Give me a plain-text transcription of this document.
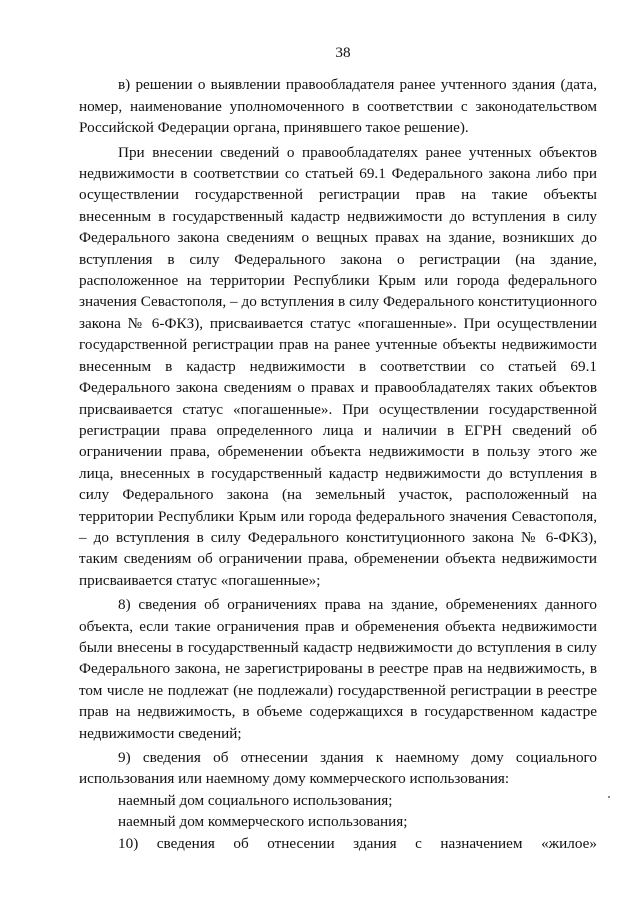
38

в) решении о выявлении правообладателя ранее учтенного здания (дата, номер, наименование уполномоченного в соответствии с законодательством Российской Федерации органа, принявшего такое решение).

При внесении сведений о правообладателях ранее учтенных объектов недвижимости в соответствии со статьей 69.1 Федерального закона либо при осуществлении государственной регистрации прав на такие объекты внесенным в государственный кадастр недвижимости до вступления в силу Федерального закона сведениям о вещных правах на здание, возникших до вступления в силу Федерального закона о регистрации (на здание, расположенное на территории Республики Крым или города федерального значения Севастополя, – до вступления в силу Федерального конституционного закона № 6-ФКЗ), присваивается статус «погашенные». При осуществлении государственной регистрации прав на ранее учтенные объекты недвижимости внесенным в кадастр недвижимости в соответствии со статьей 69.1 Федерального закона сведениям о правах и правообладателях таких объектов присваивается статус «погашенные». При осуществлении государственной регистрации права определенного лица и наличии в ЕГРН сведений об ограничении права, обременении объекта недвижимости в пользу этого же лица, внесенных в государственный кадастр недвижимости до вступления в силу Федерального закона (на земельный участок, расположенный на территории Республики Крым или города федерального значения Севастополя, – до вступления в силу Федерального конституционного закона № 6-ФКЗ), таким сведениям об ограничении права, обременении объекта недвижимости присваивается статус «погашенные»;

8) сведения об ограничениях права на здание, обременениях данного объекта, если такие ограничения прав и обременения объекта недвижимости были внесены в государственный кадастр недвижимости до вступления в силу Федерального закона, не зарегистрированы в реестре прав на недвижимость, в том числе не подлежат (не подлежали) государственной регистрации в реестре прав на недвижимость, в объеме содержащихся в государственном кадастре недвижимости сведений;

9) сведения об отнесении здания к наемному дому социального использования или наемному дому коммерческого использования:

наемный дом социального использования;

наемный дом коммерческого использования;

10) сведения об отнесении здания с назначением «жилое»
